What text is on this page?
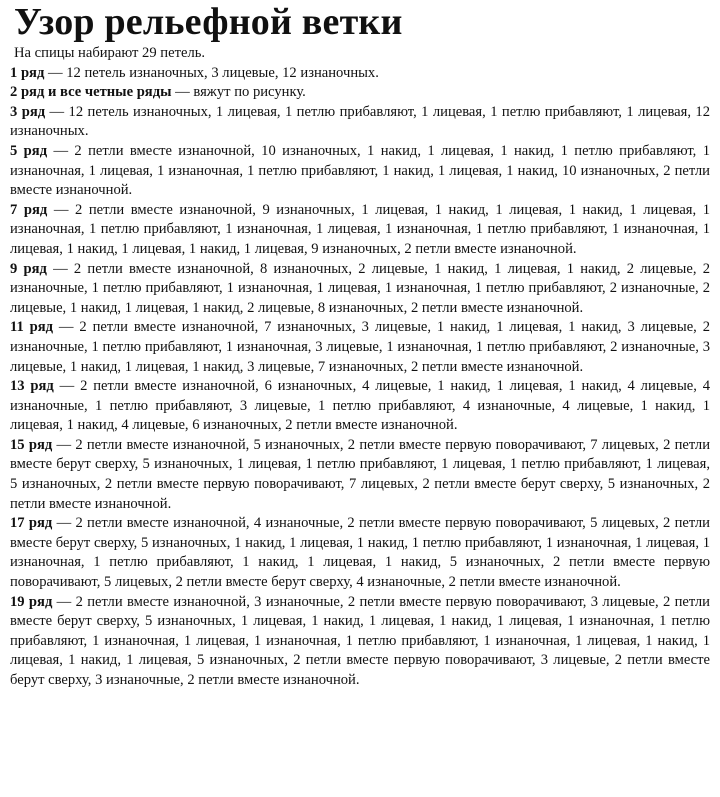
Узор рельефной ветки
На спицы набирают 29 петель.

1 ряд — 12 петель изнаночных, 3 лицевые, 12 изнаночных.

2 ряд и все четные ряды — вяжут по рисунку.

3 ряд — 12 петель изнаночных, 1 лицевая, 1 петлю прибавляют, 1 лицевая, 1 петлю прибавляют, 1 лицевая, 12 изнаночных.

5 ряд — 2 петли вместе изнаночной, 10 изнаночных, 1 накид, 1 лицевая, 1 накид, 1 петлю прибавляют, 1 изнаночная, 1 лицевая, 1 изнаночная, 1 петлю прибавляют, 1 накид, 1 лицевая, 1 накид, 10 изнаночных, 2 петли вместе изнаночной.

7 ряд — 2 петли вместе изнаночной, 9 изнаночных, 1 лицевая, 1 накид, 1 лицевая, 1 накид, 1 лицевая, 1 изнаночная, 1 петлю прибавляют, 1 изнаночная, 1 лицевая, 1 изнаночная, 1 петлю прибавляют, 1 изнаночная, 1 лицевая, 1 накид, 1 лицевая, 1 накид, 1 лицевая, 9 изнаночных, 2 петли вместе изнаночной.

9 ряд — 2 петли вместе изнаночной, 8 изнаночных, 2 лицевые, 1 накид, 1 лицевая, 1 накид, 2 лицевые, 2 изнаночные, 1 петлю прибавляют, 1 изнаночная, 1 лицевая, 1 изнаночная, 1 петлю прибавляют, 2 изнаночные, 2 лицевые, 1 накид, 1 лицевая, 1 накид, 2 лицевые, 8 изнаночных, 2 петли вместе изнаночной.

11 ряд — 2 петли вместе изнаночной, 7 изнаночных, 3 лицевые, 1 накид, 1 лицевая, 1 накид, 3 лицевые, 2 изнаночные, 1 петлю прибавляют, 1 изнаночная, 3 лицевые, 1 изнаночная, 1 петлю прибавляют, 2 изнаночные, 3 лицевые, 1 накид, 1 лицевая, 1 накид, 3 лицевые, 7 изнаночных, 2 петли вместе изнаночной.

13 ряд — 2 петли вместе изнаночной, 6 изнаночных, 4 лицевые, 1 накид, 1 лицевая, 1 накид, 4 лицевые, 4 изнаночные, 1 петлю прибавляют, 3 лицевые, 1 петлю прибавляют, 4 изнаночные, 4 лицевые, 1 накид, 1 лицевая, 1 накид, 4 лицевые, 6 изнаночных, 2 петли вместе изнаночной.

15 ряд — 2 петли вместе изнаночной, 5 изнаночных, 2 петли вместе первую поворачивают, 7 лицевых, 2 петли вместе берут сверху, 5 изнаночных, 1 лицевая, 1 петлю прибавляют, 1 лицевая, 1 петлю прибавляют, 1 лицевая, 5 изнаночных, 2 петли вместе первую поворачивают, 7 лицевых, 2 петли вместе берут сверху, 5 изнаночных, 2 петли вместе изнаночной.

17 ряд — 2 петли вместе изнаночной, 4 изнаночные, 2 петли вместе первую поворачивают, 5 лицевых, 2 петли вместе берут сверху, 5 изнаночных, 1 накид, 1 лицевая, 1 накид, 1 петлю прибавляют, 1 изнаночная, 1 лицевая, 1 изнаночная, 1 петлю прибавляют, 1 накид, 1 лицевая, 1 накид, 5 изнаночных, 2 петли вместе первую поворачивают, 5 лицевых, 2 петли вместе берут сверху, 4 изнаночные, 2 петли вместе изнаночной.

19 ряд — 2 петли вместе изнаночной, 3 изнаночные, 2 петли вместе первую поворачивают, 3 лицевые, 2 петли вместе берут сверху, 5 изнаночных, 1 лицевая, 1 накид, 1 лицевая, 1 накид, 1 лицевая, 1 изнаночная, 1 петлю прибавляют, 1 изнаночная, 1 лицевая, 1 изнаночная, 1 петлю прибавляют, 1 изнаночная, 1 лицевая, 1 накид, 1 лицевая, 1 накид, 1 лицевая, 5 изнаночных, 2 петли вместе первую поворачивают, 3 лицевые, 2 петли вместе берут сверху, 3 изнаночные, 2 петли вместе изнаночной.
